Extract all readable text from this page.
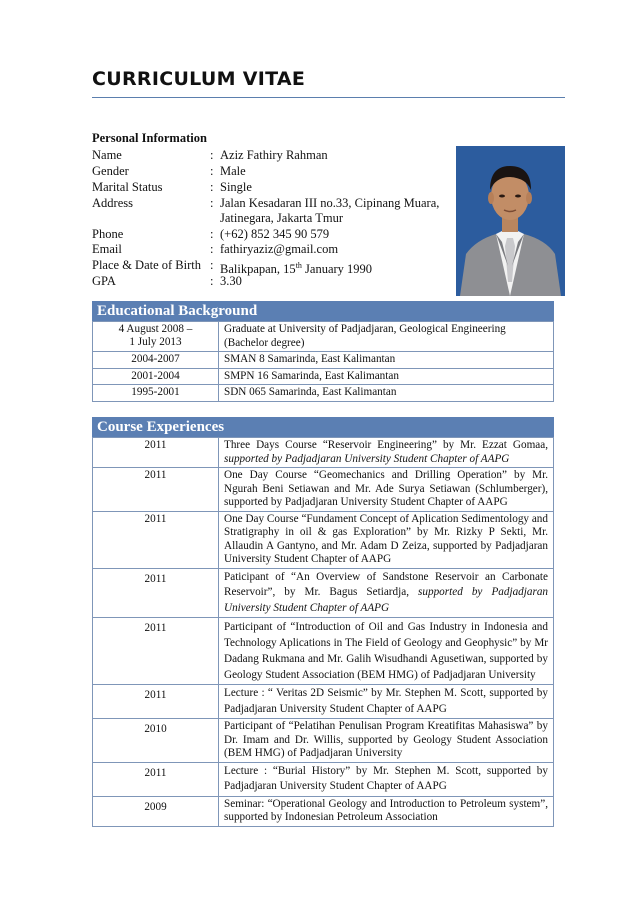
CURRICULUM VITAE
Personal Information
Name	: Aziz Fathiry Rahman
Gender	: Male
Marital Status	: Single
Address	: Jalan Kesadaran III no.33, Cipinang Muara, Jatinegara, Jakarta Tmur
Phone	: (+62) 852 345 90 579
Email	: fathiryaziz@gmail.com
Place & Date of Birth : Balikpapan, 15th January 1990
GPA	: 3.30
Educational Background
4 August 2008 –
1 July 2013	Graduate at University of Padjadjaran, Geological Engineering (Bachelor degree)
2004-2007	SMAN 8 Samarinda, East Kalimantan
2001-2004	SMPN 16 Samarinda, East Kalimantan
1995-2001	SDN 065 Samarinda, East Kalimantan
Course Experiences
2011	Three Days Course “Reservoir Engineering” by Mr. Ezzat Gomaa, supported by Padjadjaran University Student Chapter of AAPG
2011	One Day Course “Geomechanics and Drilling Operation” by Mr. Ngurah Beni Setiawan and Mr. Ade Surya Setiawan (Schlumberger), supported by Padjadjaran University Student Chapter of AAPG
2011	One Day Course “Fundament Concept of Aplication Sedimentology and Stratigraphy in oil & gas Exploration” by Mr. Rizky P Sekti, Mr. Allaudin A Gantyno, and Mr. Adam D Zeiza, supported by Padjadjaran University Student Chapter of AAPG
2011	Paticipant of “An Overview of Sandstone Reservoir an Carbonate Reservoir”, by Mr. Bagus Setiardja, supported by Padjadjaran University Student Chapter of AAPG
2011	Participant of “Introduction of Oil and Gas Industry in Indonesia and Technology Aplications in The Field of Geology and Geophysic” by Mr Dadang Rukmana and Mr. Galih Wisudhandi Agusetiwan, supported by Geology Student Association (BEM HMG) of Padjadjaran University
2011	Lecture : “ Veritas 2D Seismic” by Mr. Stephen M. Scott, supported by Padjadjaran University Student Chapter of AAPG
2010	Participant of “Pelatihan Penulisan Program Kreatifitas Mahasiswa” by Dr. Imam and Dr. Willis, supported by Geology Student Association (BEM HMG) of Padjadjaran University
2011	Lecture : “Burial History” by Mr. Stephen M. Scott, supported by Padjadjaran University Student Chapter of AAPG
2009	Seminar: “Operational Geology and Introduction to Petroleum system”, supported by Indonesian Petroleum Association
